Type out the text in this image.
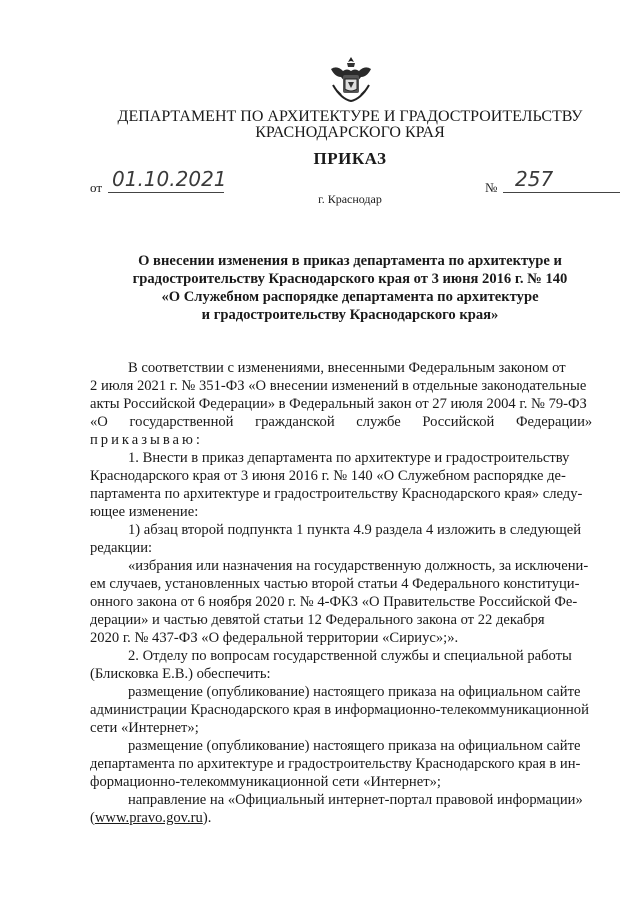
ДЕПАРТАМЕНТ ПО АРХИТЕКТУРЕ И ГРАДОСТРОИТЕЛЬСТВУ
КРАСНОДАРСКОГО КРАЯ
ПРИКАЗ
от 01.10.2021	№ 257
г. Краснодар
О внесении изменения в приказ департамента по архитектуре и
градостроительству Краснодарского края от 3 июня 2016 г. № 140
«О Служебном распорядке департамента по архитектуре
и градостроительству Краснодарского края»
В соответствии с изменениями, внесенными Федеральным законом от
2 июля 2021 г. № 351-ФЗ «О внесении изменений в отдельные законодательные
акты Российской Федерации» в Федеральный закон от 27 июля 2004 г. № 79-ФЗ
«О государственной гражданской службе Российской Федерации»
приказываю:
1. Внести в приказ департамента по архитектуре и градостроительству
Краснодарского края от 3 июня 2016 г. № 140 «О Служебном распорядке де-
партамента по архитектуре и градостроительству Краснодарского края» следу-
ющее изменение:
1) абзац второй подпункта 1 пункта 4.9 раздела 4 изложить в следующей
редакции:
«избрания или назначения на государственную должность, за исключени-
ем случаев, установленных частью второй статьи 4 Федерального конституци-
онного закона от 6 ноября 2020 г. № 4-ФКЗ «О Правительстве Российской Фе-
дерации» и частью девятой статьи 12 Федерального закона от 22 декабря
2020 г. № 437-ФЗ «О федеральной территории «Сириус»;».
2. Отделу по вопросам государственной службы и специальной работы
(Блисковка Е.В.) обеспечить:
размещение (опубликование) настоящего приказа на официальном сайте
администрации Краснодарского края в информационно-телекоммуникационной
сети «Интернет»;
размещение (опубликование) настоящего приказа на официальном сайте
департамента по архитектуре и градостроительству Краснодарского края в ин-
формационно-телекоммуникационной сети «Интернет»;
направление на «Официальный интернет-портал правовой информации»
(www.pravo.gov.ru).
